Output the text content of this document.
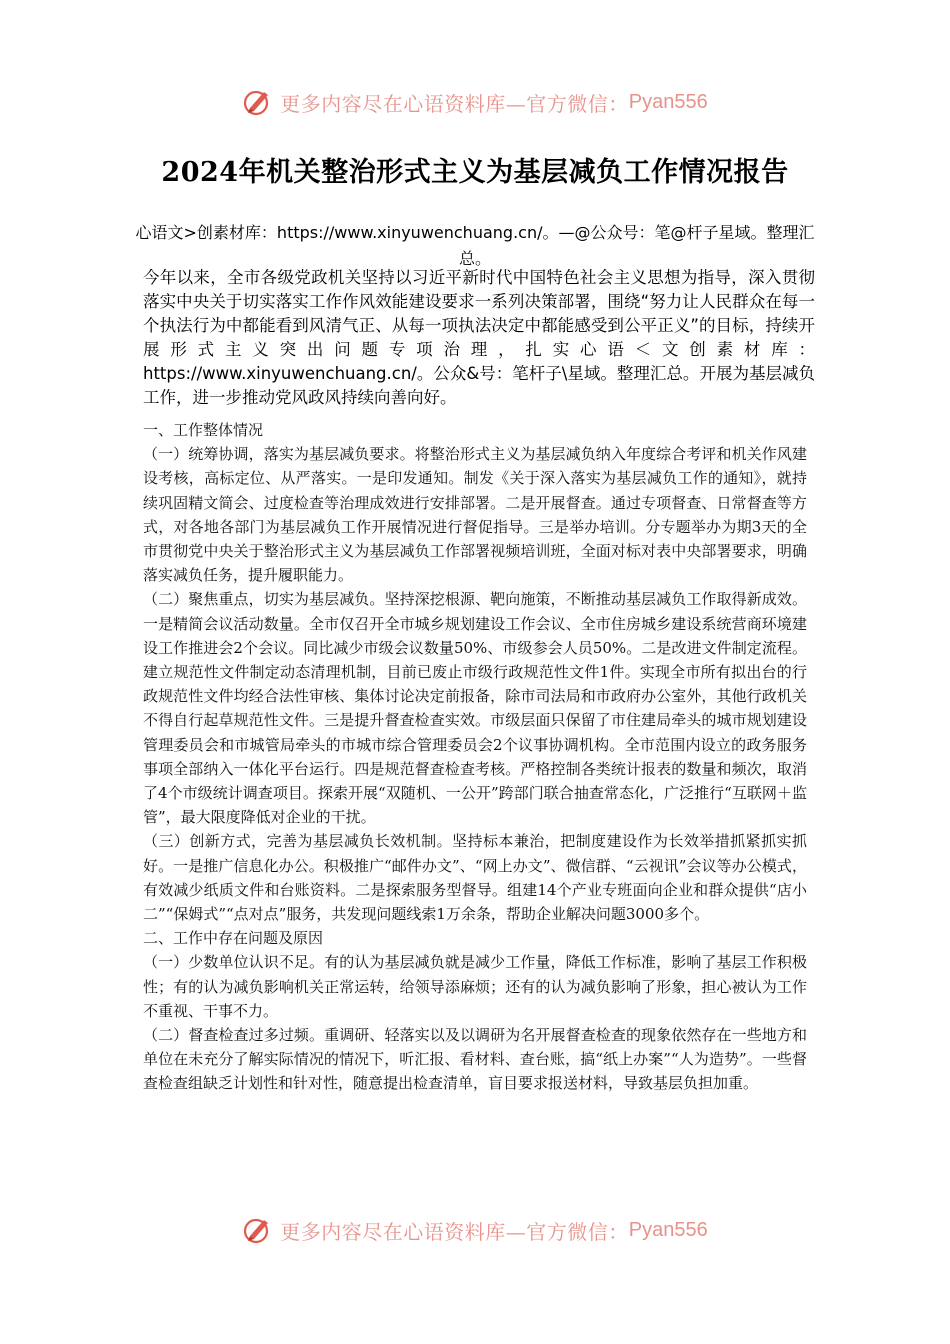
更多内容尽在心语资料库—官方微信： Pyan556
2024年机关整治形式主义为基层减负工作情况报告
心语文>创素材库：https://www.xinyuwenchuang.cn/。—@公众号：笔@杆子星域。整理汇总。
今年以来，全市各级党政机关坚持以习近平新时代中国特色社会主义思想为指导，深入贯彻落实中央关于切实落实工作作风效能建设要求一系列决策部署，围绕“努力让人民群众在每一个执法行为中都能看到风清气正、从每一项执法决定中都能感受到公平正义”的目标，持续开展形式主义突出问题专项治理，扎实心语＜文创素材库：https://www.xinyuwenchuang.cn/。公众&号：笔杆子\星域。整理汇总。开展为基层减负工作，进一步推动党风政风持续向善向好。

一、工作整体情况

（一）统筹协调，落实为基层减负要求。将整治形式主义为基层减负纳入年度综合考评和机关作风建设考核，高标定位、从严落实。一是印发通知。制发《关于深入落实为基层减负工作的通知》，就持续巩固精文简会、过度检查等治理成效进行安排部署。二是开展督查。通过专项督查、日常督查等方式，对各地各部门为基层减负工作开展情况进行督促指导。三是举办培训。分专题举办为期3天的全市贯彻党中央关于整治形式主义为基层减负工作部署视频培训班，全面对标对表中央部署要求，明确落实减负任务，提升履职能力。

（二）聚焦重点，切实为基层减负。坚持深挖根源、靶向施策，不断推动基层减负工作取得新成效。一是精简会议活动数量。全市仅召开全市城乡规划建设工作会议、全市住房城乡建设系统营商环境建设工作推进会2个会议。同比减少市级会议数量50%、市级参会人员50%。二是改进文件制定流程。建立规范性文件制定动态清理机制，目前已废止市级行政规范性文件1件。实现全市所有拟出台的行政规范性文件均经合法性审核、集体讨论决定前报备，除市司法局和市政府办公室外，其他行政机关不得自行起草规范性文件。三是提升督查检查实效。市级层面只保留了市住建局牵头的城市规划建设管理委员会和市城管局牵头的市城市综合管理委员会2个议事协调机构。全市范围内设立的政务服务事项全部纳入一体化平台运行。四是规范督查检查考核。严格控制各类统计报表的数量和频次，取消了4个市级统计调查项目。探索开展“双随机、一公开”跨部门联合抽查常态化，广泛推行“互联网＋监管”，最大限度降低对企业的干扰。

（三）创新方式，完善为基层减负长效机制。坚持标本兼治，把制度建设作为长效举措抓紧抓实抓好。一是推广信息化办公。积极推广“邮件办文”、“网上办文”、微信群、“云视讯”会议等办公模式，有效减少纸质文件和台账资料。二是探索服务型督导。组建14个产业专班面向企业和群众提供“店小二”“保姆式”“点对点”服务，共发现问题线索1万余条，帮助企业解决问题3000多个。

二、工作中存在问题及原因

（一）少数单位认识不足。有的认为基层减负就是减少工作量，降低工作标准，影响了基层工作积极性；有的认为减负影响机关正常运转，给领导添麻烦；还有的认为减负影响了形象，担心被认为工作不重视、干事不力。

（二）督查检查过多过频。重调研、轻落实以及以调研为名开展督查检查的现象依然存在一些地方和单位在未充分了解实际情况的情况下，听汇报、看材料、查台账，搞“纸上办案”“人为造势”。一些督查检查组缺乏计划性和针对性，随意提出检查清单，盲目要求报送材料，导致基层负担加重。

更多内容尽在心语资料库—官方微信： Pyan556
